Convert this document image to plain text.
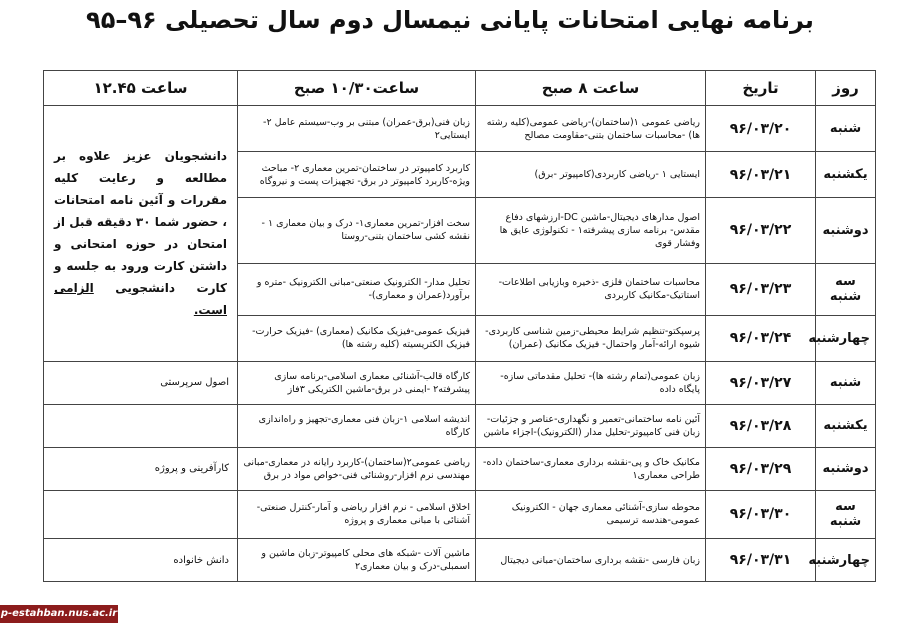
برنامه نهایی امتحانات پایانی نیمسال دوم سال تحصیلی ۹۶–۹۵
روز	تاریخ	ساعت ۸ صبح	ساعت۱۰/۳۰ صبح	ساعت ۱۲.۴۵
شنبه	۹۶/۰۳/۲۰	ریاضی عمومی ۱(ساختمان)-ریاضی عمومی(کلیه رشته ها) -محاسبات ساختمان بتنی-مقاومت مصالح	زبان فنی(برق-عمران) مبتنی بر وب-سیستم عامل ۲-ایستایی۲	دانشجویان عزیز علاوه بر مطالعه و رعایت کلیه مقررات و آئین نامه امتحانات ، حضور شما ۳۰ دقیقه قبل از امتحان در حوزه امتحانی و داشتن کارت ورود به جلسه و کارت دانشجویی الزامی است.
یکشنبه	۹۶/۰۳/۲۱	ایستایی ۱ -ریاضی کاربردی(کامپیوتر -برق)	کاربرد کامپیوتر در ساختمان-تمرین معماری ۲- مباحث ویژه-کاربرد کامپیوتر در برق- تجهیزات پست و نیروگاه	
دوشنبه	۹۶/۰۳/۲۲	اصول مدارهای دیجیتال-ماشین DC-ارزشهای دفاع مقدس- برنامه سازی پیشرفته۱ - تکنولوژی عایق ها وفشار قوی	سخت افزار-تمرین معماری۱- درک و بیان معماری ۱ - نقشه کشی ساختمان بتنی-روستا	
سه شنبه	۹۶/۰۳/۲۳	محاسبات ساختمان فلزی -ذخیره وبازیابی اطلاعات-استاتیک-مکانیک کاربردی	تحلیل مدار- الکترونیک صنعتی-مبانی الکترونیک -متره و برآورد(عمران و معماری)-	
چهارشنبه	۹۶/۰۳/۲۴	پرسپکتو-تنظیم شرایط محیطی-زمین شناسی کاربردی-شیوه ارائه-آمار واحتمال- فیزیک مکانیک (عمران)	فیزیک عمومی-فیزیک مکانیک (معماری) -فیزیک حرارت- فیزیک الکتریسیته (کلیه رشته ها)	
شنبه	۹۶/۰۳/۲۷	زبان عمومی(تمام رشته ها)- تحلیل مقدماتی سازه-پایگاه داده	کارگاه قالب-آشنائی معماری اسلامی-برنامه سازی پیشرفته۲ -ایمنی در برق-ماشین الکتریکی ۳فاز	اصول سرپرستی
یکشنبه	۹۶/۰۳/۲۸	آئین نامه ساختمانی-تعمیر و نگهداری-عناصر و جزئیات-زبان فنی کامپیوتر-تحلیل مدار (الکترونیک)-اجزاء ماشین	اندیشه اسلامی ۱-زبان فنی معماری-تجهیز و راه‌اندازی کارگاه	
دوشنبه	۹۶/۰۳/۲۹	مکانیک خاک و پی-نقشه برداری معماری-ساختمان داده- طراحی معماری۱	ریاضی عمومی۲(ساختمان)-کاربرد رایانه در معماری-مبانی مهندسی نرم افزار-روشنائی فنی-خواص مواد در برق	کارآفرینی و پروژه
سه شنبه	۹۶/۰۳/۳۰	محوطه سازی-آشنائی معماری جهان - الکترونیک عمومی-هندسه ترسیمی	اخلاق اسلامی - نرم افزار ریاضی و آمار-کنترل صنعتی-آشنائی با مبانی معماری و پروژه	
چهارشنبه	۹۶/۰۳/۳۱	زبان فارسی -نقشه برداری ساختمان-مبانی دیجیتال	ماشین آلات -شبکه های محلی کامپیوتر-زبان ماشین و اسمبلی-درک و بیان معماری۲	دانش خانواده
p-estahban.nus.ac.ir
